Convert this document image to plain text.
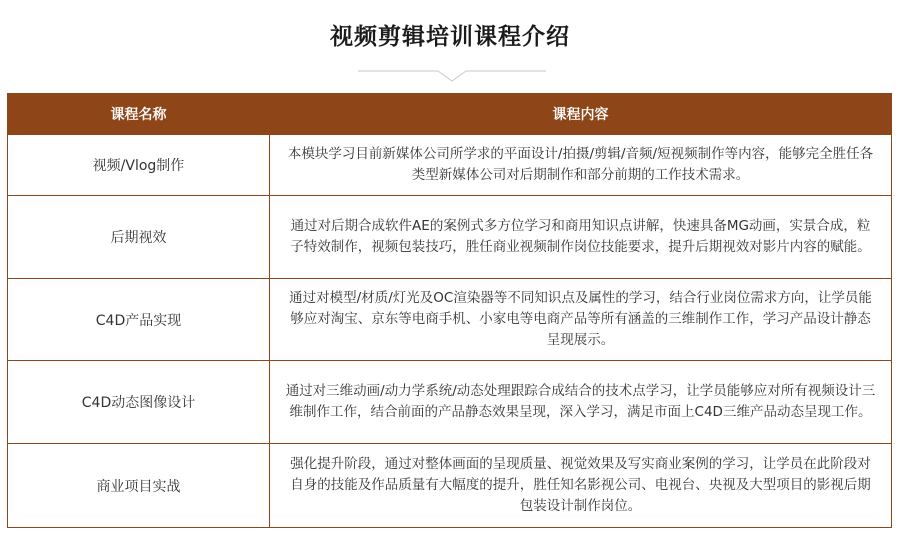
视频剪辑培训课程介绍
课程名称	课程内容
视频/Vlog制作	本模块学习目前新媒体公司所学求的平面设计/拍摄/剪辑/音频/短视频制作等内容，能够完全胜任各类型新媒体公司对后期制作和部分前期的工作技术需求。

后期视效	通过对后期合成软件AE的案例式多方位学习和商用知识点讲解，快速具备MG动画，实景合成，粒子特效制作，视频包装技巧，胜任商业视频制作岗位技能要求，提升后期视效对影片内容的赋能。

C4D产品实现	通过对模型/材质/灯光及OC渲染器等不同知识点及属性的学习，结合行业岗位需求方向，让学员能够应对淘宝、京东等电商手机、小家电等电商产品等所有涵盖的三维制作工作，学习产品设计静态呈现展示。

C4D动态图像设计	通过对三维动画/动力学系统/动态处理跟踪合成结合的技术点学习，让学员能够应对所有视频设计三维制作工作，结合前面的产品静态效果呈现，深入学习，满足市面上C4D三维产品动态呈现工作。

商业项目实战	强化提升阶段，通过对整体画面的呈现质量、视觉效果及写实商业案例的学习，让学员在此阶段对自身的技能及作品质量有大幅度的提升，胜任知名影视公司、电视台、央视及大型项目的影视后期包装设计制作岗位。
